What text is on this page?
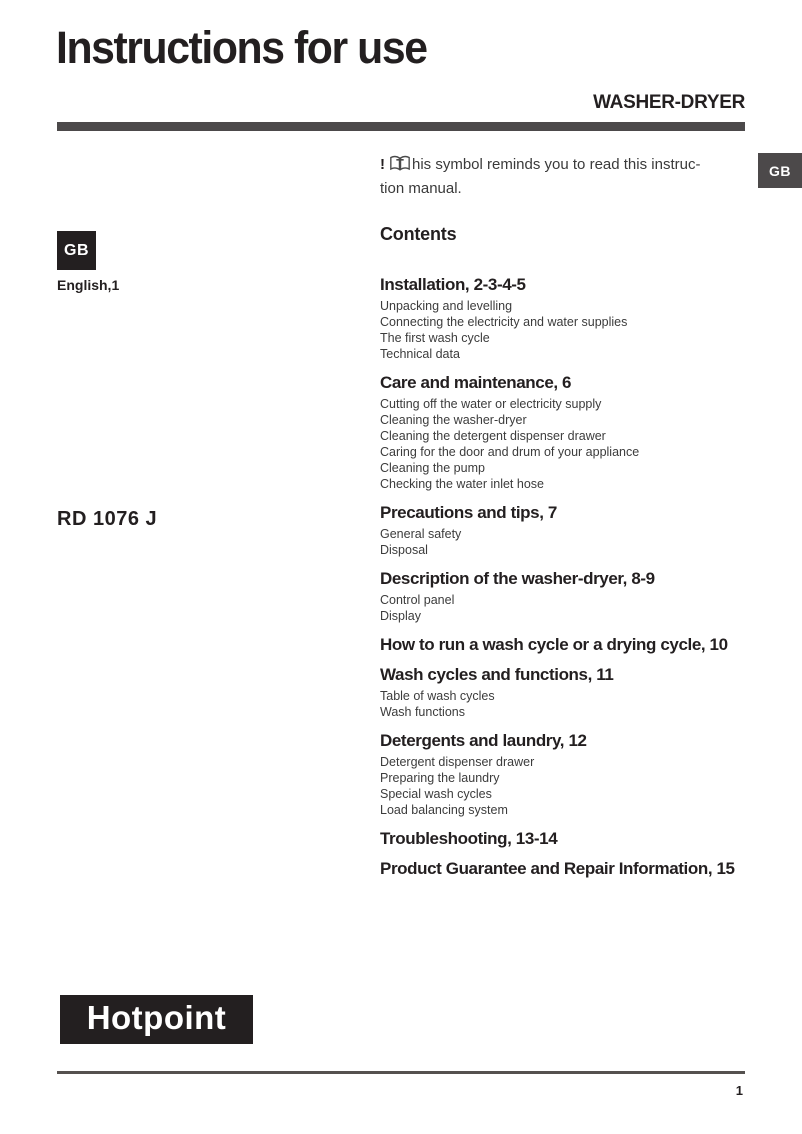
Instructions for use
WASHER-DRYER
GB
! his symbol reminds you to read this instruc-
tion manual.
GB
English,1
RD 1076 J
Contents
Installation, 2-3-4-5
Unpacking and levelling
Connecting the electricity and water supplies
The first wash cycle
Technical data
Care and maintenance, 6
Cutting off the water or electricity supply
Cleaning the washer-dryer
Cleaning the detergent dispenser drawer
Caring for the door and drum of your appliance
Cleaning the pump
Checking the water inlet hose
Precautions and tips, 7
General safety
Disposal
Description of the washer-dryer, 8-9
Control panel
Display
How to run a wash cycle or a drying cycle, 10
Wash cycles and functions, 11
Table of wash cycles
Wash functions
Detergents and laundry, 12
Detergent dispenser drawer
Preparing the laundry
Special wash cycles
Load balancing system
Troubleshooting, 13-14
Product Guarantee and Repair Information, 15
Hotpoint
1
